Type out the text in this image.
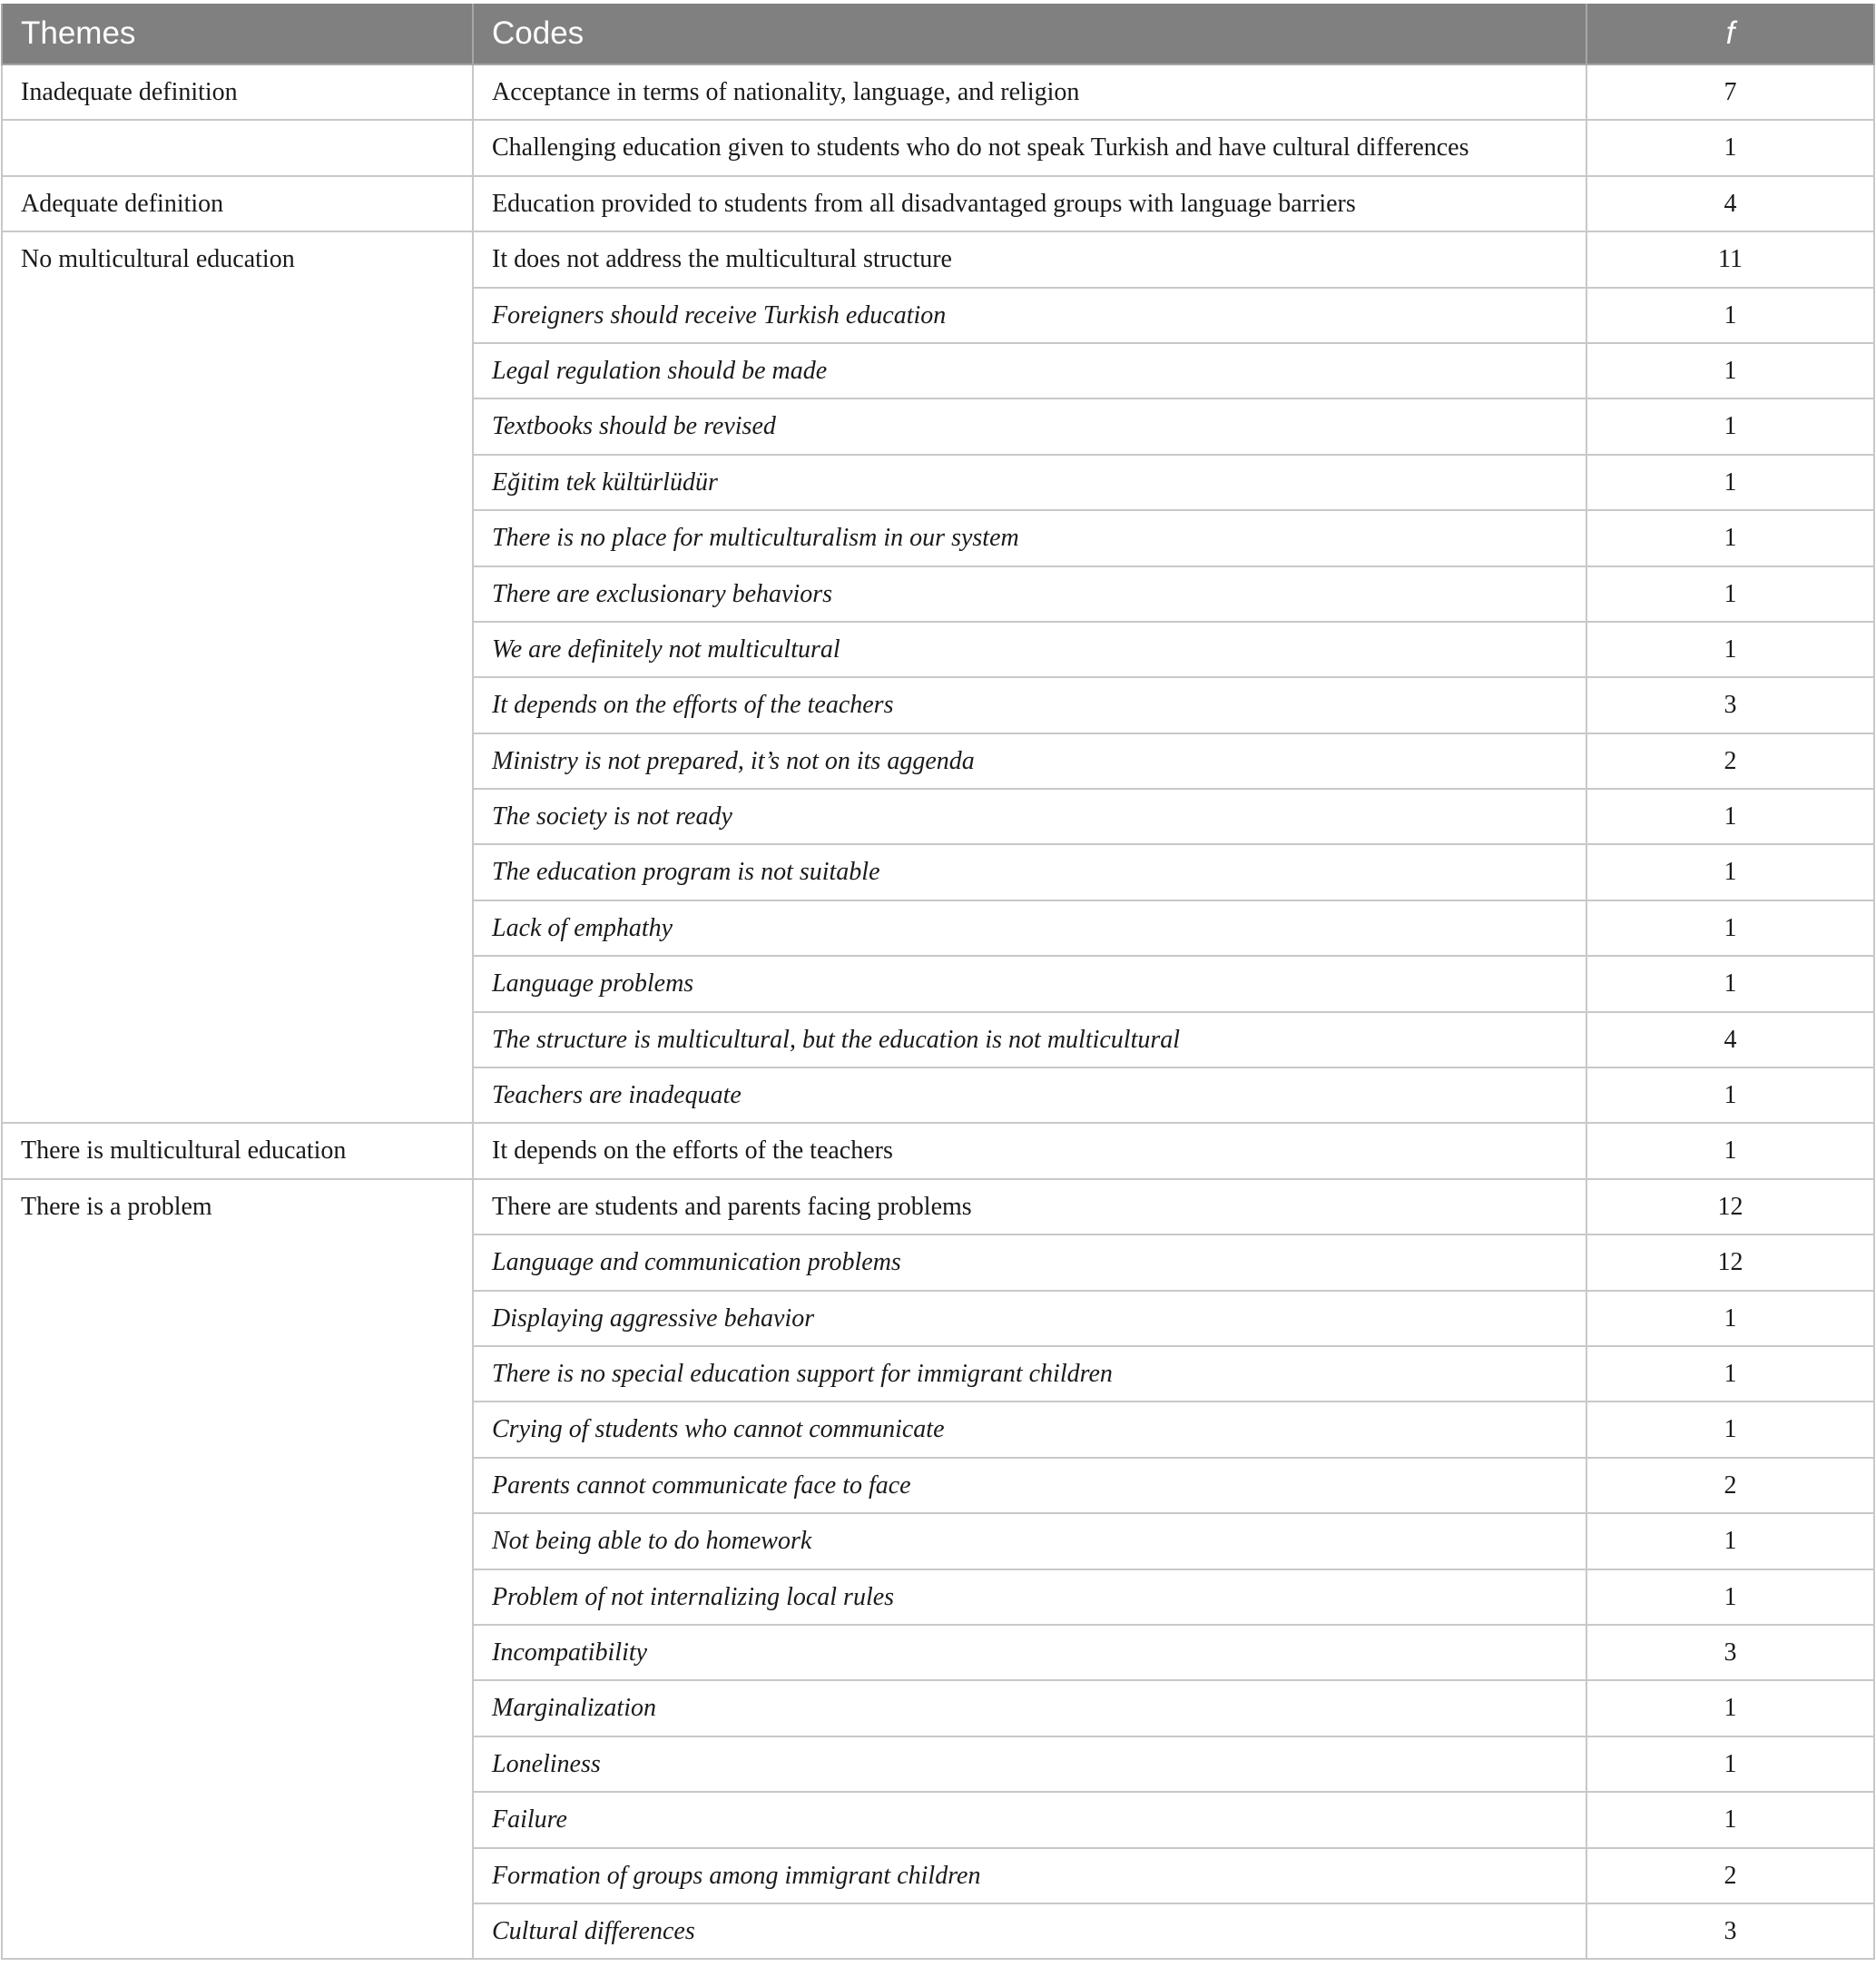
Themes	Codes	f
Inadequate definition	Acceptance in terms of nationality, language, and religion	7
	Challenging education given to students who do not speak Turkish and have cultural differences	1
Adequate definition	Education provided to students from all disadvantaged groups with language barriers	4
No multicultural education	It does not address the multicultural structure	11
	Foreigners should receive Turkish education	1
	Legal regulation should be made	1
	Textbooks should be revised	1
	Eğitim tek kültürlüdür	1
	There is no place for multiculturalism in our system	1
	There are exclusionary behaviors	1
	We are definitely not multicultural	1
	It depends on the efforts of the teachers	3
	Ministry is not prepared, it’s not on its aggenda	2
	The society is not ready	1
	The education program is not suitable	1
	Lack of emphathy	1
	Language problems	1
	The structure is multicultural, but the education is not multicultural	4
	Teachers are inadequate	1
There is multicultural education	It depends on the efforts of the teachers	1
There is a problem	There are students and parents facing problems	12
	Language and communication problems	12
	Displaying aggressive behavior	1
	There is no special education support for immigrant children	1
	Crying of students who cannot communicate	1
	Parents cannot communicate face to face	2
	Not being able to do homework	1
	Problem of not internalizing local rules	1
	Incompatibility	3
	Marginalization	1
	Loneliness	1
	Failure	1
	Formation of groups among immigrant children	2
	Cultural differences	3
